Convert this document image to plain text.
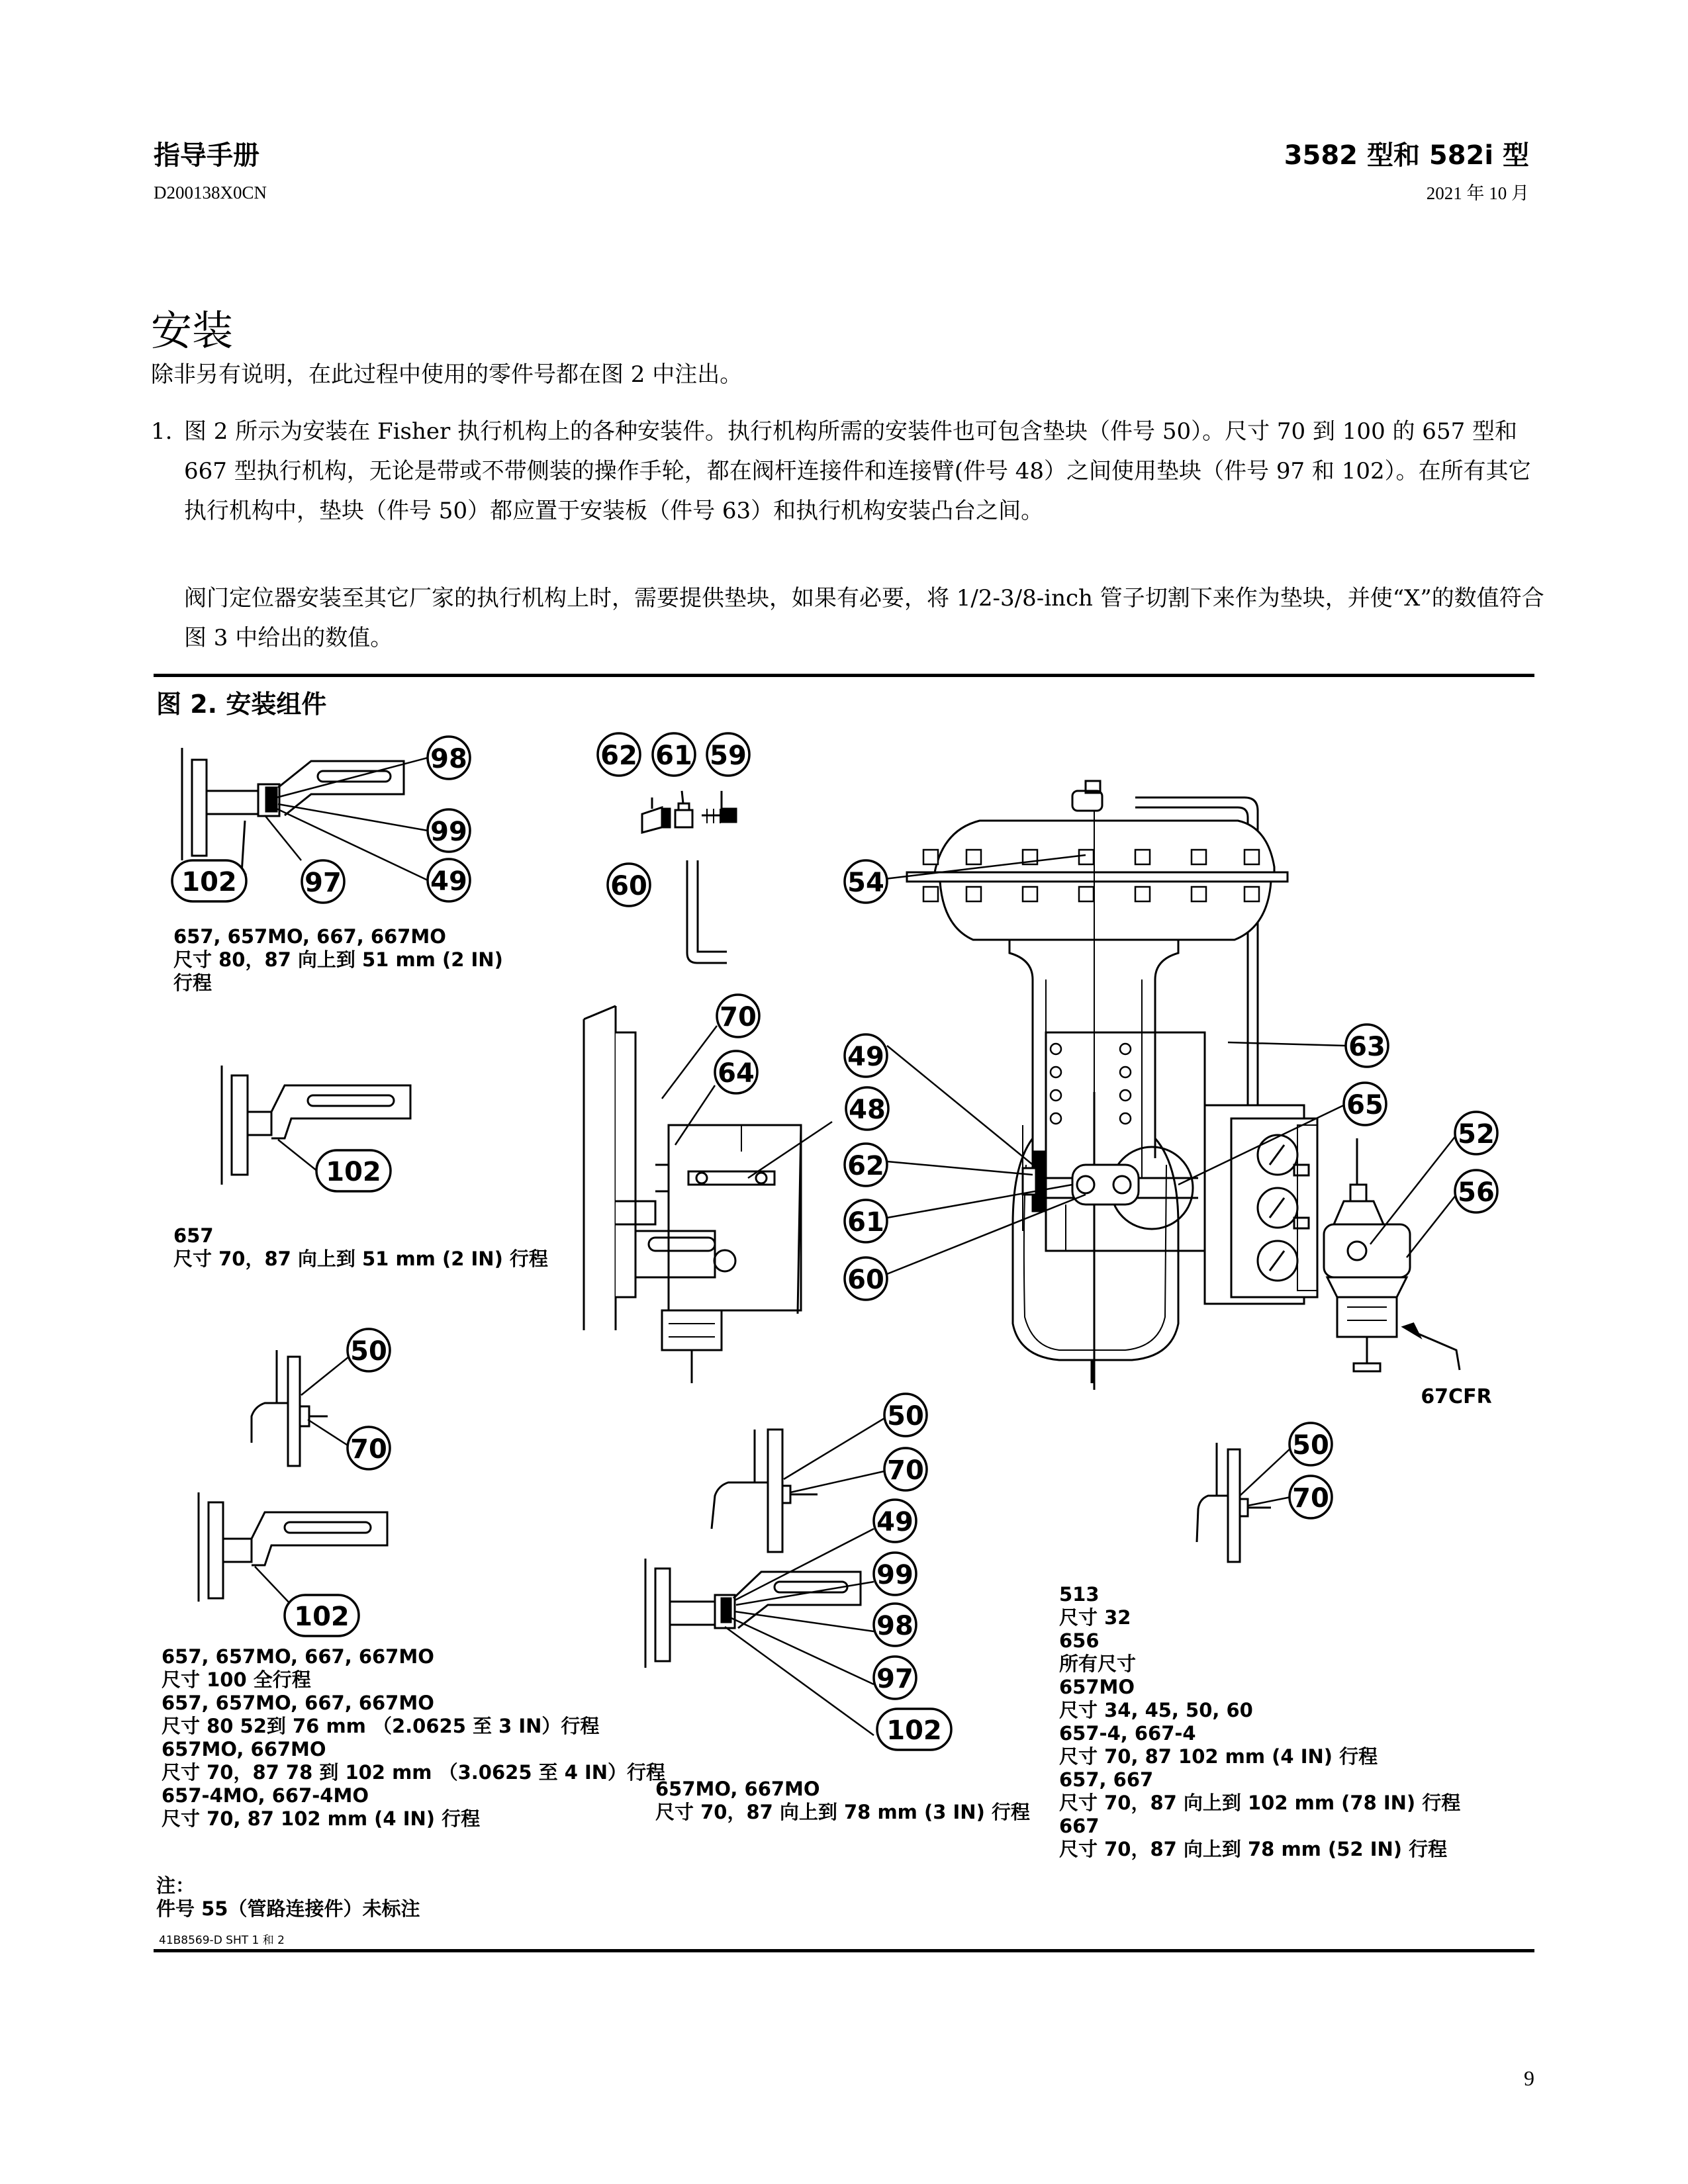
指导手册
D200138X0CN
3582 型和 582i 型
2021 年 10 月
安装

除非另有说明，在此过程中使用的零件号都在图 2 中注出。

1. 图 2 所示为安装在 Fisher 执行机构上的各种安装件。执行机构所需的安装件也可包含垫块（件号 50）。尺寸 70 到 100 的 657 型和 667 型执行机构，无论是带或不带侧装的操作手轮，都在阀杆连接件和连接臂(件号 48）之间使用垫块（件号 97 和 102）。在所有其它执行机构中，垫块（件号 50）都应置于安装板（件号 63）和执行机构安装凸台之间。

阀门定位器安装至其它厂家的执行机构上时，需要提供垫块，如果有必要，将 1/2-3/8-inch 管子切割下来作为垫块，并使“X”的数值符合图 3 中给出的数值。

图 2. 安装组件
98
99
49
102	97
62 61 59
60	54
102
70
64
48
49
62
61
60
63
65
52
56
50
70
102
50
70
49
99
98
97
102
50
70
67CFR
657, 657MO, 667, 667MO
尺寸 80，87 向上到 51 mm (2 IN)
行程
657
尺寸 70，87 向上到 51 mm (2 IN) 行程
657, 657MO, 667, 667MO
尺寸 100 全行程
657, 657MO, 667, 667MO
尺寸 80 52到 76 mm （2.0625 至 3 IN）行程
657MO, 667MO
尺寸 70，87 78 到 102 mm （3.0625 至 4 IN）行程
657-4MO, 667-4MO
尺寸 70, 87 102 mm (4 IN) 行程
657MO, 667MO
尺寸 70，87 向上到 78 mm (3 IN) 行程
513
尺寸 32
656
所有尺寸
657MO
尺寸 34, 45, 50, 60
657-4, 667-4
尺寸 70, 87 102 mm (4 IN) 行程
657, 667
尺寸 70，87 向上到 102 mm (78 IN) 行程
667
尺寸 70，87 向上到 78 mm (52 IN) 行程
注：
件号 55（管路连接件）未标注
41B8569-D SHT 1 和 2
9
